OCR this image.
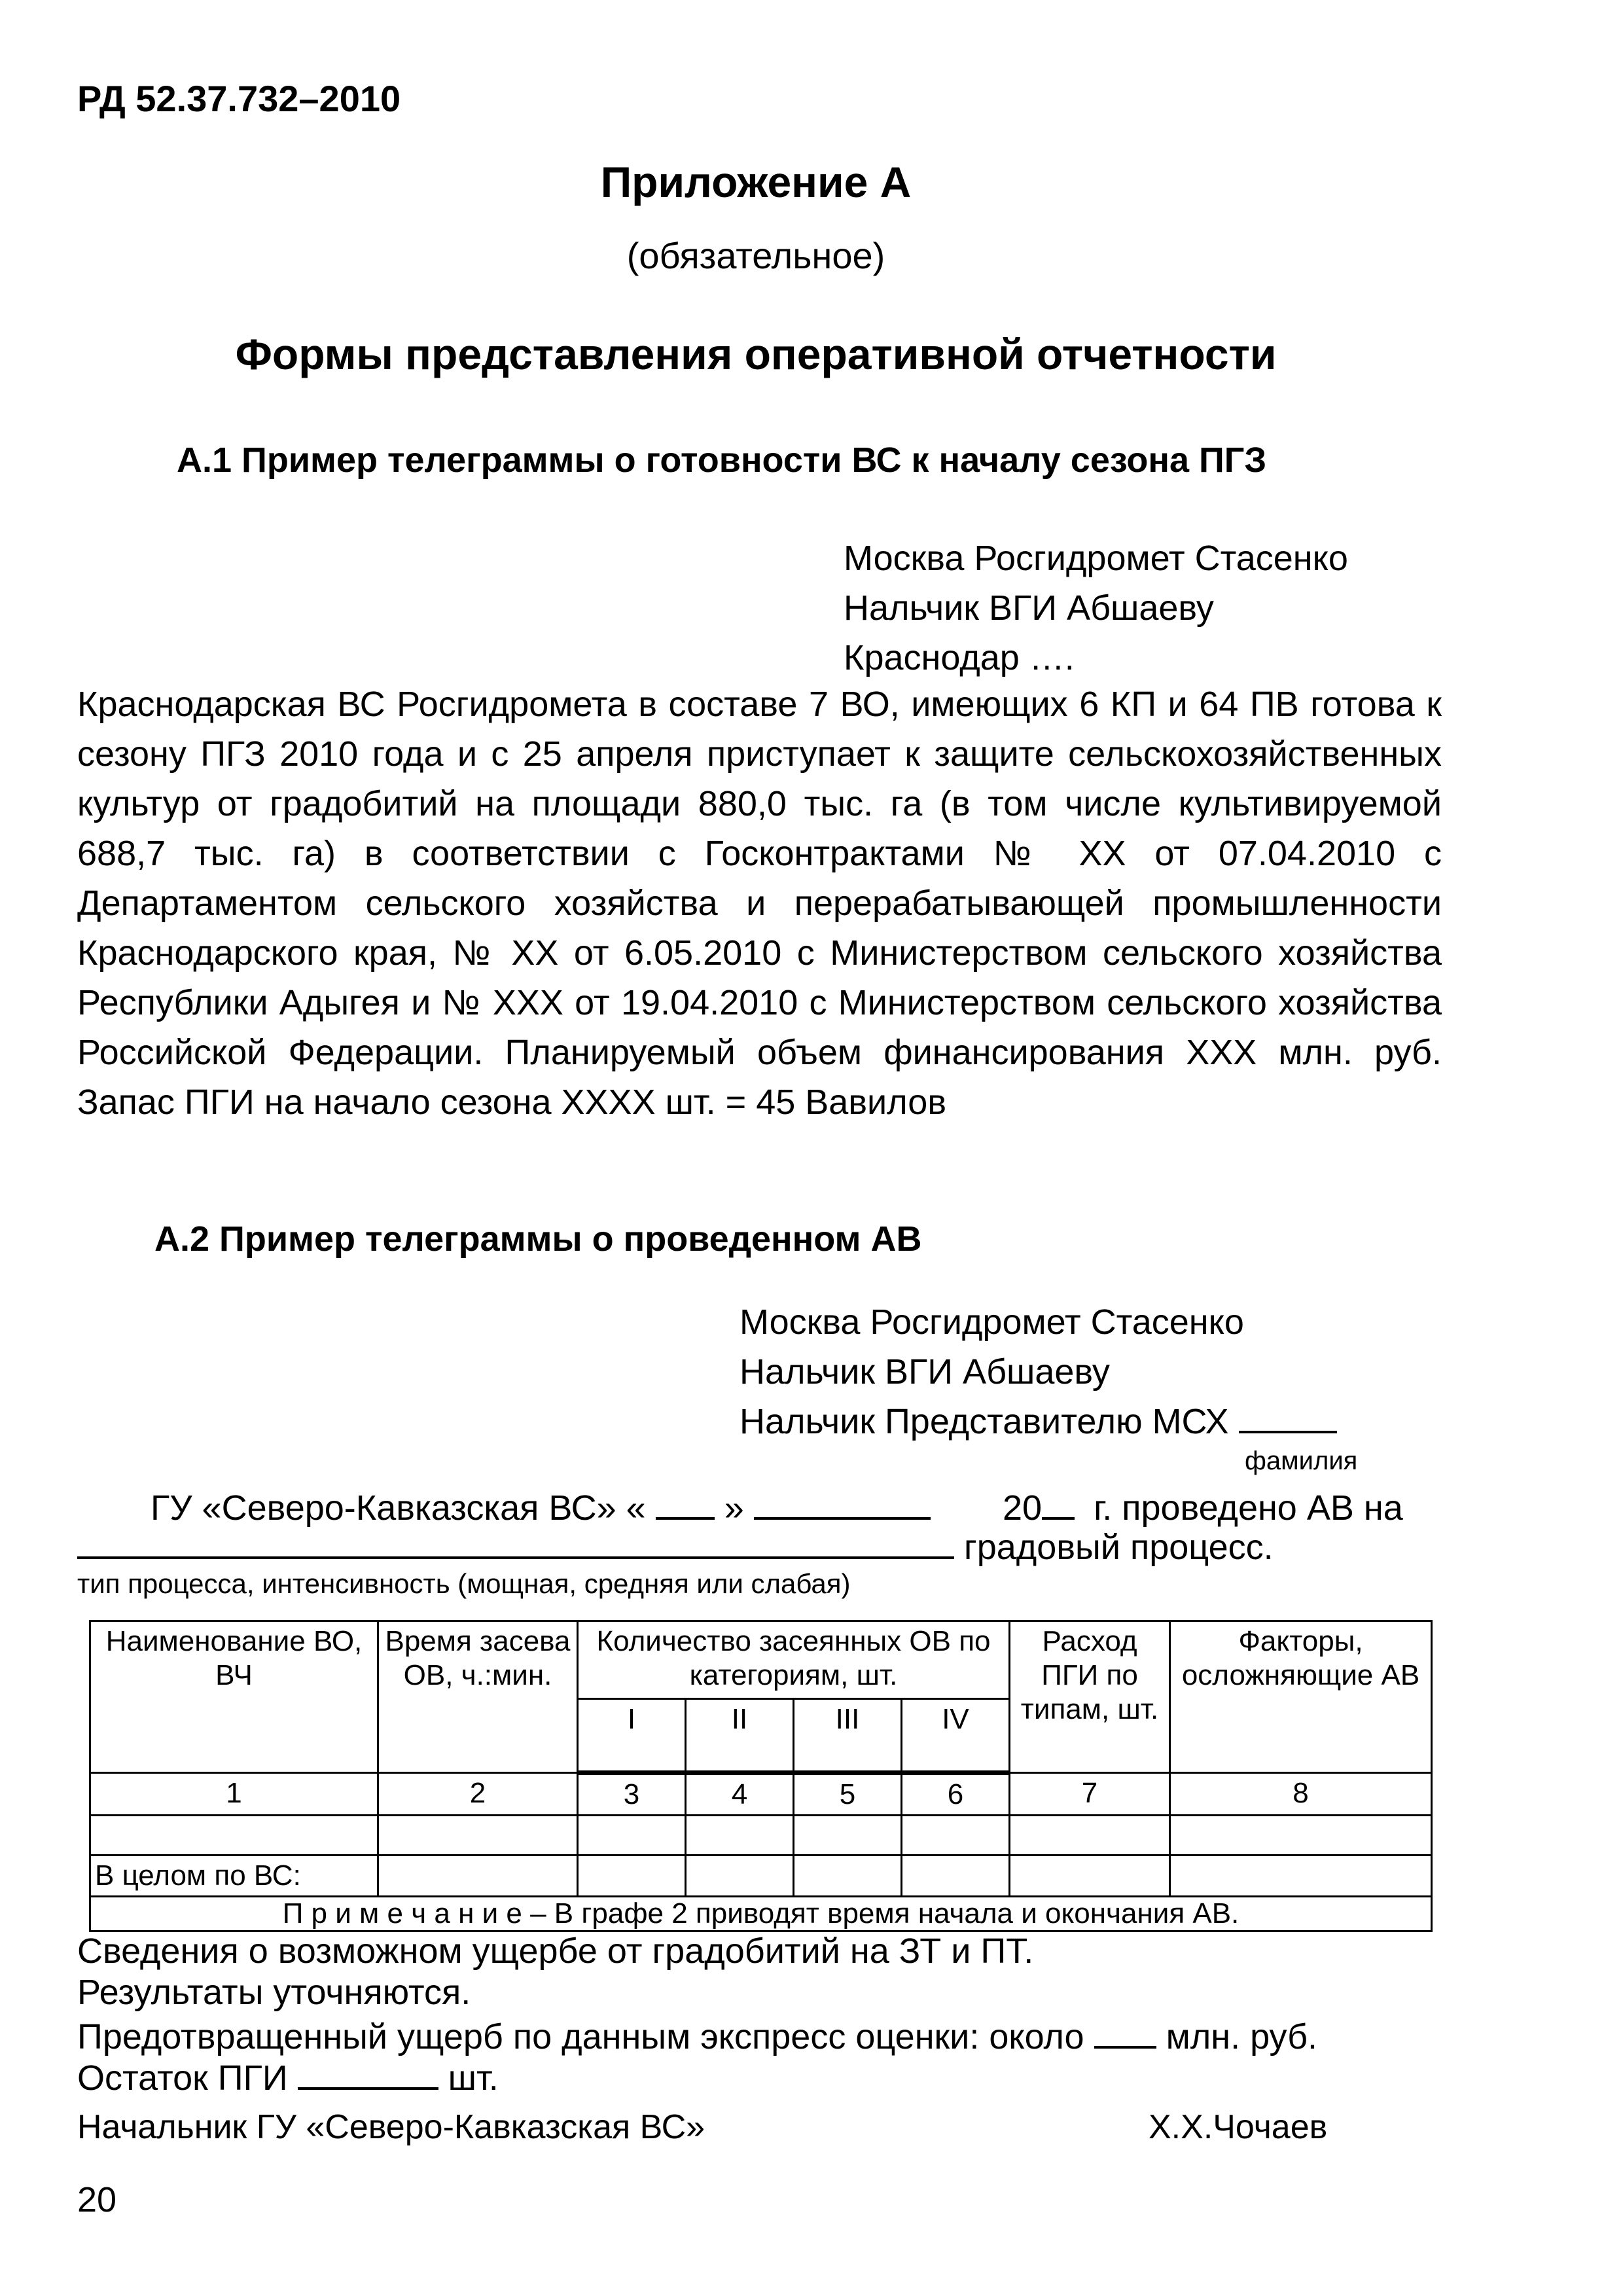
РД 52.37.732–2010
Приложение А
(обязательное)
Формы представления оперативной отчетности
А.1 Пример телеграммы о готовности ВС к началу сезона ПГЗ
Москва Росгидромет Стасенко
Нальчик ВГИ Абшаеву
Краснодар ….
Краснодарская ВС Росгидромета в составе 7 ВО, имеющих 6 КП и 64 ПВ готова к сезону ПГЗ 2010 года и с 25 апреля приступает к защите сельскохозяйственных культур от градобитий на площади 880,0 тыс. га (в том числе культивируемой 688,7 тыс. га) в соответствии с Госконтрактами № XX от 07.04.2010 с Департаментом сельского хозяйства и перерабатывающей промышленности Краснодарского края, № XX от 6.05.2010 с Министерством сельского хозяйства Республики Адыгея и № XXX от 19.04.2010 с Министерством сельского хозяйства Российской Федерации. Планируемый объем финансирования XXX млн. руб. Запас ПГИ на начало сезона XXXX шт. = 45 Вавилов
А.2 Пример телеграммы о проведенном АВ
Москва Росгидромет Стасенко
Нальчик ВГИ Абшаеву
Нальчик Представителю МСХ
фамилия
ГУ «Северо-Кавказская ВС» « »	20 г. проведено АВ на
градовый процесс.
тип процесса, интенсивность (мощная, средняя или слабая)
Наименование ВО, ВЧ	Время засева ОВ, ч.:мин.	Количество засеянных ОВ по категориям, шт.				Расход ПГИ по типам, шт.	Факторы, осложняющие АВ
		I	II	III	IV		
1	2	3	4	5	6	7	8

В целом по ВС:							
П р и м е ч а н и е – В графе 2 приводят время начала и окончания АВ.							
Сведения о возможном ущербе от градобитий на ЗТ и ПТ.
Результаты уточняются.
Предотвращенный ущерб по данным экспресс оценки: около млн. руб.
Остаток ПГИ	шт.
Начальник ГУ «Северо-Кавказская ВС»	Х.Х.Чочаев
20
